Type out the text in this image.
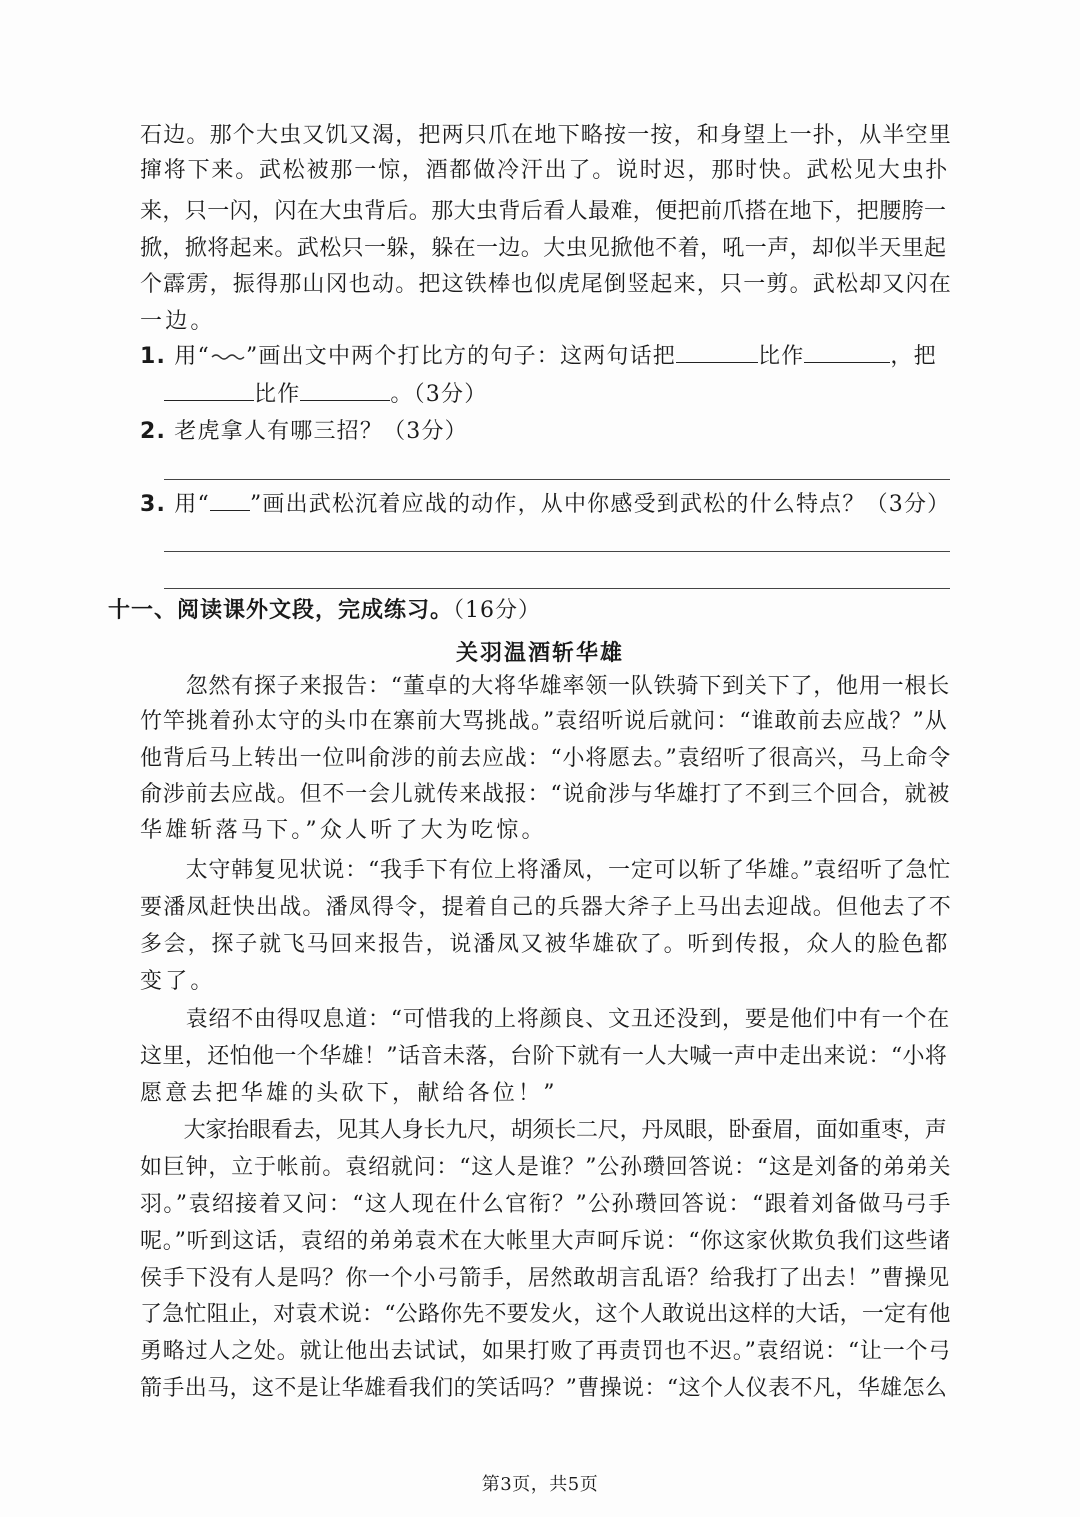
石边。那个大虫又饥又渴，把两只爪在地下略按一按，和身望上一扑，从半空里
撺将下来。武松被那一惊，酒都做冷汗出了。说时迟，那时快。武松见大虫扑
来，只一闪，闪在大虫背后。那大虫背后看人最难，便把前爪搭在地下，把腰胯一
掀，掀将起来。武松只一躲，躲在一边。大虫见掀他不着，吼一声，却似半天里起
个霹雳，振得那山冈也动。把这铁棒也似虎尾倒竖起来，只一剪。武松却又闪在
一边。
1. 用“ ”画出文中两个打比方的句子：这两句话把	比作	，把
比作	。（3分）
2. 老虎拿人有哪三招？（3分）
3. 用“ ”画出武松沉着应战的动作，从中你感受到武松的什么特点？（3分）
十一、阅读课外文段，完成练习。（16分）
关羽温酒斩华雄
　　忽然有探子来报告：“董卓的大将华雄率领一队铁骑下到关下了，他用一根长
竹竿挑着孙太守的头巾在寨前大骂挑战。”袁绍听说后就问：“谁敢前去应战？”从
他背后马上转出一位叫俞涉的前去应战：“小将愿去。”袁绍听了很高兴，马上命令
俞涉前去应战。但不一会儿就传来战报：“说俞涉与华雄打了不到三个回合，就被
华雄斩落马下。”众人听了大为吃惊。
　　太守韩复见状说：“我手下有位上将潘凤，一定可以斩了华雄。”袁绍听了急忙
要潘凤赶快出战。潘凤得令，提着自己的兵器大斧子上马出去迎战。但他去了不
多会，探子就飞马回来报告，说潘凤又被华雄砍了。听到传报，众人的脸色都
变了。
　　袁绍不由得叹息道：“可惜我的上将颜良、文丑还没到，要是他们中有一个在
这里，还怕他一个华雄！”话音未落，台阶下就有一人大喊一声中走出来说：“小将
愿意去把华雄的头砍下，献给各位！”
　　大家抬眼看去，见其人身长九尺，胡须长二尺，丹凤眼，卧蚕眉，面如重枣，声
如巨钟，立于帐前。袁绍就问：“这人是谁？”公孙瓒回答说：“这是刘备的弟弟关
羽。”袁绍接着又问：“这人现在什么官衔？”公孙瓒回答说：“跟着刘备做马弓手
呢。”听到这话，袁绍的弟弟袁术在大帐里大声呵斥说：“你这家伙欺负我们这些诸
侯手下没有人是吗？你一个小弓箭手，居然敢胡言乱语？给我打了出去！”曹操见
了急忙阻止，对袁术说：“公路你先不要发火，这个人敢说出这样的大话，一定有他
勇略过人之处。就让他出去试试，如果打败了再责罚也不迟。”袁绍说：“让一个弓
箭手出马，这不是让华雄看我们的笑话吗？”曹操说：“这个人仪表不凡，华雄怎么
第3页，共5页
